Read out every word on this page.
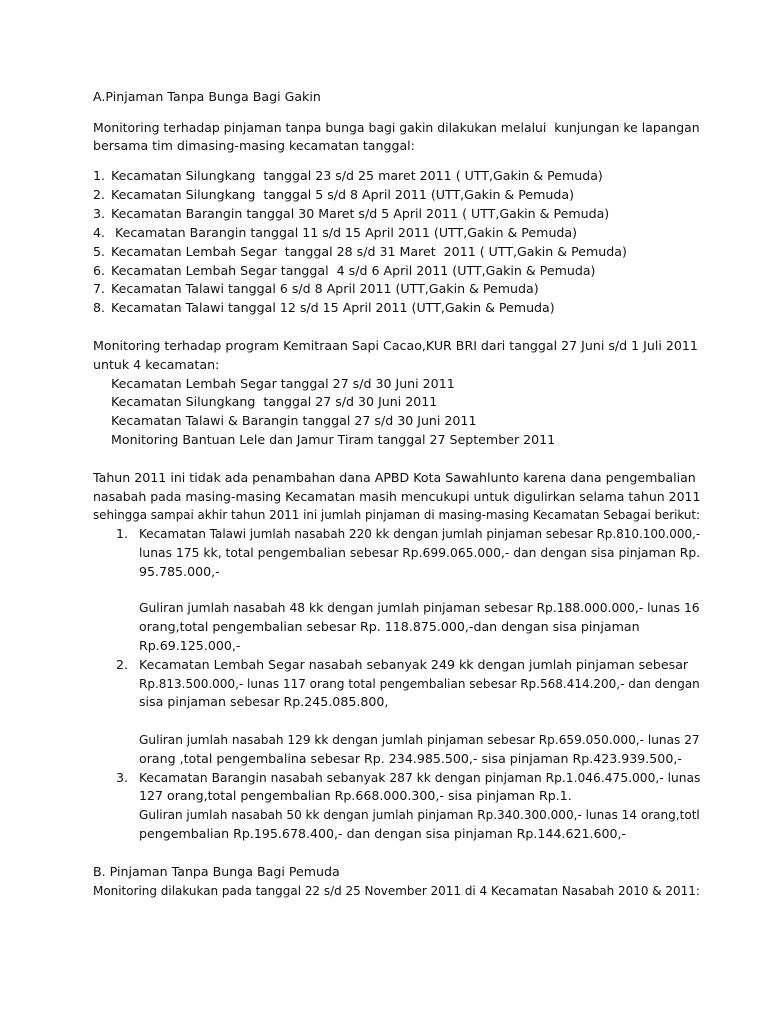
A.Pinjaman Tanpa Bunga Bagi Gakin
Monitoring terhadap pinjaman tanpa bunga bagi gakin dilakukan melalui  kunjungan ke lapangan
bersama tim dimasing-masing kecamatan tanggal:
1. Kecamatan Silungkang  tanggal 23 s/d 25 maret 2011 ( UTT,Gakin & Pemuda)
2. Kecamatan Silungkang  tanggal 5 s/d 8 April 2011 (UTT,Gakin & Pemuda)
3. Kecamatan Barangin tanggal 30 Maret s/d 5 April 2011 ( UTT,Gakin & Pemuda)
4. Kecamatan Barangin tanggal 11 s/d 15 April 2011 (UTT,Gakin & Pemuda)
5. Kecamatan Lembah Segar  tanggal 28 s/d 31 Maret  2011 ( UTT,Gakin & Pemuda)
6. Kecamatan Lembah Segar tanggal  4 s/d 6 April 2011 (UTT,Gakin & Pemuda)
7. Kecamatan Talawi tanggal 6 s/d 8 April 2011 (UTT,Gakin & Pemuda)
8. Kecamatan Talawi tanggal 12 s/d 15 April 2011 (UTT,Gakin & Pemuda)
Monitoring terhadap program Kemitraan Sapi Cacao,KUR BRI dari tanggal 27 Juni s/d 1 Juli 2011
untuk 4 kecamatan:
Kecamatan Lembah Segar tanggal 27 s/d 30 Juni 2011
Kecamatan Silungkang  tanggal 27 s/d 30 Juni 2011
Kecamatan Talawi & Barangin tanggal 27 s/d 30 Juni 2011
Monitoring Bantuan Lele dan Jamur Tiram tanggal 27 September 2011
Tahun 2011 ini tidak ada penambahan dana APBD Kota Sawahlunto karena dana pengembalian
nasabah pada masing-masing Kecamatan masih mencukupi untuk digulirkan selama tahun 2011
sehingga sampai akhir tahun 2011 ini jumlah pinjaman di masing-masing Kecamatan Sebagai berikut:
1. Kecamatan Talawi jumlah nasabah 220 kk dengan jumlah pinjaman sebesar Rp.810.100.000,-
lunas 175 kk, total pengembalian sebesar Rp.699.065.000,- dan dengan sisa pinjaman Rp.
95.785.000,-
Guliran jumlah nasabah 48 kk dengan jumlah pinjaman sebesar Rp.188.000.000,- lunas 16
orang,total pengembalian sebesar Rp. 118.875.000,-dan dengan sisa pinjaman
Rp.69.125.000,-
2. Kecamatan Lembah Segar nasabah sebanyak 249 kk dengan jumlah pinjaman sebesar
Rp.813.500.000,- lunas 117 orang total pengembalian sebesar Rp.568.414.200,- dan dengan
sisa pinjaman sebesar Rp.245.085.800,
Guliran jumlah nasabah 129 kk dengan jumlah pinjaman sebesar Rp.659.050.000,- lunas 27
orang ,total pengembalina sebesar Rp. 234.985.500,- sisa pinjaman Rp.423.939.500,-
3. Kecamatan Barangin nasabah sebanyak 287 kk dengan pinjaman Rp.1.046.475.000,- lunas
127 orang,total pengembalian Rp.668.000.300,- sisa pinjaman Rp.1.
Guliran jumlah nasabah 50 kk dengan jumlah pinjaman Rp.340.300.000,- lunas 14 orang,totl
pengembalian Rp.195.678.400,- dan dengan sisa pinjaman Rp.144.621.600,-
B. Pinjaman Tanpa Bunga Bagi Pemuda
Monitoring dilakukan pada tanggal 22 s/d 25 November 2011 di 4 Kecamatan Nasabah 2010 & 2011:
